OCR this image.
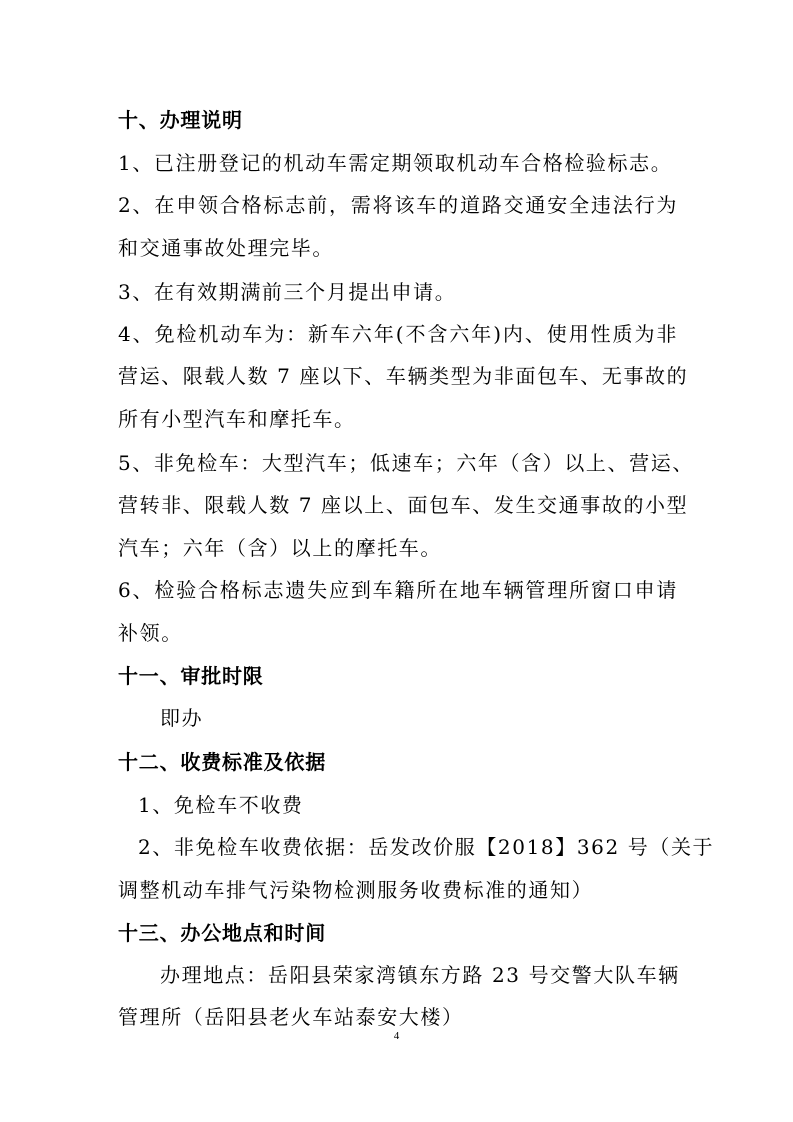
十、办理说明
1、已注册登记的机动车需定期领取机动车合格检验标志。
2、在申领合格标志前，需将该车的道路交通安全违法行为
和交通事故处理完毕。
3、在有效期满前三个月提出申请。
4、免检机动车为：新车六年(不含六年)内、使用性质为非
营运、限载人数 7 座以下、车辆类型为非面包车、无事故的
所有小型汽车和摩托车。
5、非免检车：大型汽车；低速车；六年（含）以上、营运、
营转非、限载人数 7 座以上、面包车、发生交通事故的小型
汽车；六年（含）以上的摩托车。
6、检验合格标志遗失应到车籍所在地车辆管理所窗口申请
补领。
十一、审批时限
即办
十二、收费标准及依据
1、免检车不收费
2、非免检车收费依据：岳发改价服【2018】362 号（关于
调整机动车排气污染物检测服务收费标准的通知）
十三、办公地点和时间
办理地点：岳阳县荣家湾镇东方路 23 号交警大队车辆
管理所（岳阳县老火车站泰安大楼）
4
